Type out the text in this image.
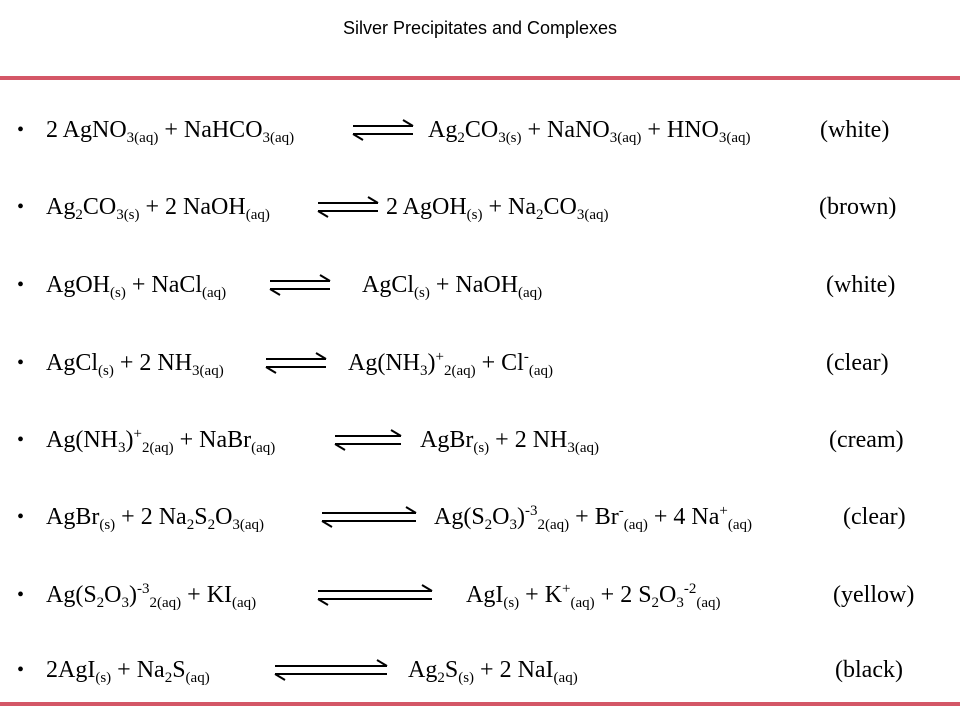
Silver Precipitates and Complexes
• 2 AgNO$_{3(aq)}$ + NaHCO$_{3(aq)}$ ⇌ $Ag_2CO_{3(s)}$ + NaNO$_{3(aq)}$ + $HNO_{3(aq)}$	(white)
• $Ag_2CO_{3(s)} + 2$ NaOH$_{(aq)}$ ⇌ 2 AgOH$_{(s)}$ + $Na_2CO_{3(aq)}$	(brown)
• AgOH$_{(s)}$ + NaCl$_{(aq)}$ ⇌ AgCl$_{(s)}$ + NaOH$_{(aq)}$	(white)
• AgCl$_{(s)}$ + 2 $NH_{3(aq)}$ ⇌ $Ag(NH_3)^+_{2(aq)} + Cl^-_{(aq)}$	(clear)
• $Ag(NH_3)^+_{2(aq)}$ + NaBr$_{(aq)}$ ⇌ AgBr$_{(s)}$ + 2 $NH_{3(aq)}$	(cream)
• AgBr$_{(s)}$ + 2 $Na_2S_2O_{3(aq)}$ ⇌ $Ag(S_2O_3)^{-3}_{2(aq)} + Br^-_{(aq)} + 4$ $Na^+_{(aq)}$	(clear)
• $Ag(S_2O_3)^{-3}_{2(aq)} + KI_{(aq)}$	$AgI_{(s)} + K^+_{(aq)} + 2$ $S_2O_3^{-2}_{(aq)}$	(yellow)
• $2AgI_{(s)} + Na_2S_{(aq)}$	$Ag_2S_{(s)} + 2$ NaI$_{(aq)}$	(black)
